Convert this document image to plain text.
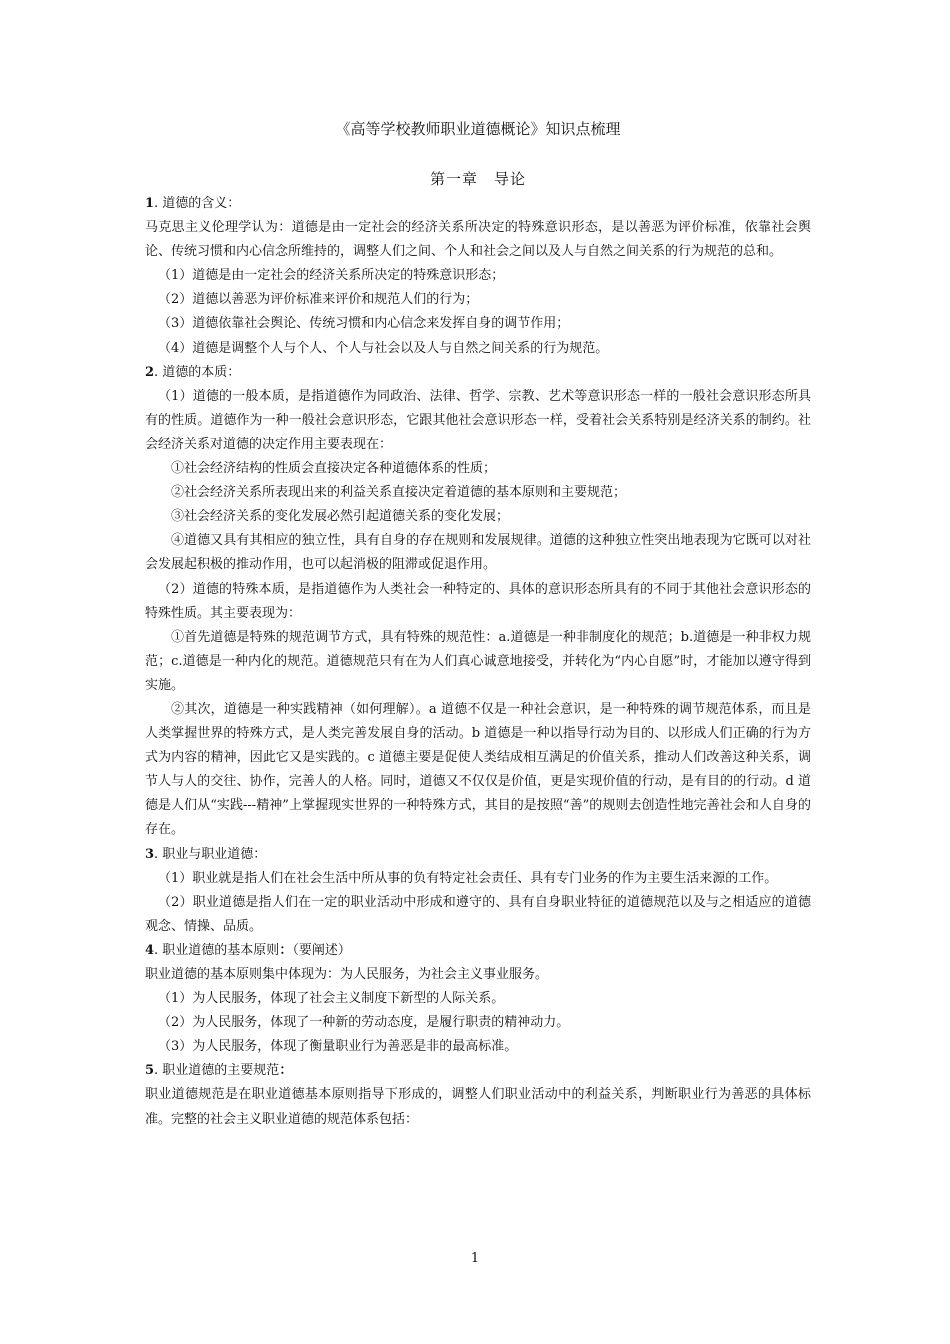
《高等学校教师职业道德概论》知识点梳理
第一章　导论

1. 道德的含义：

马克思主义伦理学认为：道德是由一定社会的经济关系所决定的特殊意识形态，是以善恶为评价标准，依靠社会舆论、传统习惯和内心信念所维持的，调整人们之间、个人和社会之间以及人与自然之间关系的行为规范的总和。

（1）道德是由一定社会的经济关系所决定的特殊意识形态；

（2）道德以善恶为评价标准来评价和规范人们的行为；

（3）道德依靠社会舆论、传统习惯和内心信念来发挥自身的调节作用；

（4）道德是调整个人与个人、个人与社会以及人与自然之间关系的行为规范。

2. 道德的本质：

（1）道德的一般本质，是指道德作为同政治、法律、哲学、宗教、艺术等意识形态一样的一般社会意识形态所具有的性质。道德作为一种一般社会意识形态，它跟其他社会意识形态一样，受着社会关系特别是经济关系的制约。社会经济关系对道德的决定作用主要表现在：

①社会经济结构的性质会直接决定各种道德体系的性质；

②社会经济关系所表现出来的利益关系直接决定着道德的基本原则和主要规范；

③社会经济关系的变化发展必然引起道德关系的变化发展；

④道德又具有其相应的独立性，具有自身的存在规则和发展规律。道德的这种独立性突出地表现为它既可以对社会发展起积极的推动作用，也可以起消极的阻滞或促退作用。

（2）道德的特殊本质，是指道德作为人类社会一种特定的、具体的意识形态所具有的不同于其他社会意识形态的特殊性质。其主要表现为：

①首先道德是特殊的规范调节方式，具有特殊的规范性：a.道德是一种非制度化的规范；b.道德是一种非权力规范；c.道德是一种内化的规范。道德规范只有在为人们真心诚意地接受，并转化为“内心自愿”时，才能加以遵守得到实施。

②其次，道德是一种实践精神（如何理解）。a 道德不仅是一种社会意识，是一种特殊的调节规范体系，而且是人类掌握世界的特殊方式，是人类完善发展自身的活动。b 道德是一种以指导行动为目的、以形成人们正确的行为方式为内容的精神，因此它又是实践的。c 道德主要是促使人类结成相互满足的价值关系，推动人们改善这种关系，调节人与人的交往、协作，完善人的人格。同时，道德又不仅仅是价值，更是实现价值的行动，是有目的的行动。d 道德是人们从“实践---精神”上掌握现实世界的一种特殊方式，其目的是按照“善”的规则去创造性地完善社会和人自身的存在。

3. 职业与职业道德：

（1）职业就是指人们在社会生活中所从事的负有特定社会责任、具有专门业务的作为主要生活来源的工作。

（2）职业道德是指人们在一定的职业活动中形成和遵守的、具有自身职业特征的道德规范以及与之相适应的道德观念、情操、品质。

4. 职业道德的基本原则：（要阐述）

职业道德的基本原则集中体现为：为人民服务，为社会主义事业服务。

（1）为人民服务，体现了社会主义制度下新型的人际关系。

（2）为人民服务，体现了一种新的劳动态度，是履行职责的精神动力。

（3）为人民服务，体现了衡量职业行为善恶是非的最高标准。

5. 职业道德的主要规范：

职业道德规范是在职业道德基本原则指导下形成的，调整人们职业活动中的利益关系，判断职业行为善恶的具体标准。完整的社会主义职业道德的规范体系包括：

1
